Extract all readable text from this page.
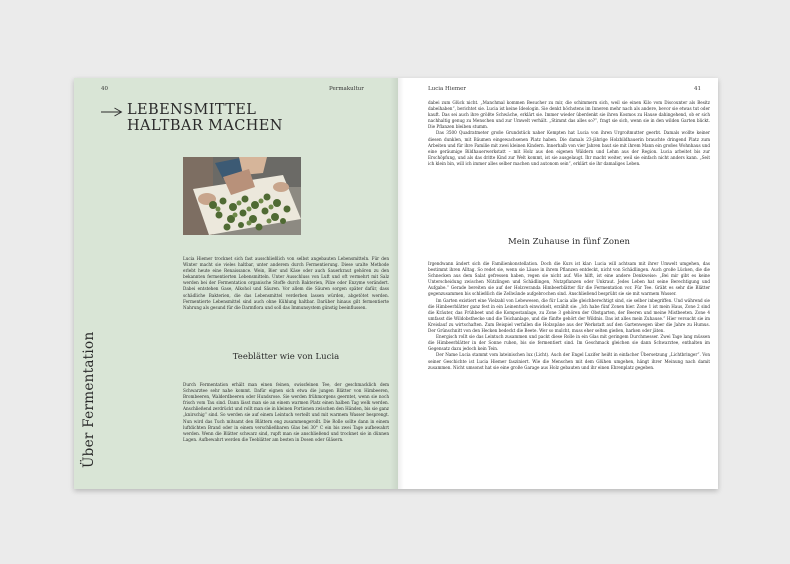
40	Permakultur
LEBENSMITTEL
HALTBAR MACHEN

Lucia Hiemer trocknet sich fast ausschließlich von selbst angebauten Lebensmitteln. Für den Winter macht sie vieles haltbar, unter anderem durch Fermentierung. Diese uralte Methode erlebt heute eine Renaissance. Wein, Bier und Käse oder auch Sauerkraut gehören zu den bekannten fermentierten Lebensmitteln. Unter Ausschluss von Luft und oft vermehrt mit Salz werden bei der Fermentation organische Stoffe durch Bakterien, Pilze oder Enzyme verändert. Dabei entstehen Gase, Alkohol und Säuren. Vor allem die Säuren sorgen später dafür, dass schädliche Bakterien, die das Lebensmittel verderben lassen würden, abgetötet werden. Fermentierte Lebensmittel sind auch ohne Kühlung haltbar. Darüber hinaus gilt fermentierte Nahrung als gesund für die Darmflora und soll das Immunsystem günstig beeinflussen.

Teeblätter wie von Lucia

Durch Fermentation erhält man einen feinen, swissfeinen Tee, der geschmacklich dem Schwarztee sehr nahe kommt. Dafür eignen sich etwa die jungen Blätter von Himbeeren, Brombeeren, Walderdbeeren oder Hundsrose. Sie werden frühmorgens geerntet, wenn sie noch frisch vom Tau sind. Dann lässt man sie an einem warmen Platz einen halben Tag welk werden. Anschließend zerdrückt und rollt man sie in kleinen Portionen zwischen den Händen, bis sie ganz „knirschig“ sind. So werden sie auf einem Leintuch verteilt und mit warmem Wasser besprengt. Nun wird das Tuch mitsamt den Blättern eng zusammengerollt. Die Rolle sollte dann in einem luftdichten Brand oder in einem verschließbaren Glas bei 30° C ein bis zwei Tage aufbewahrt werden. Wenn die Blätter schwarz sind, rupft man sie anschließend und trocknet sie in dünnen Lagen. Aufbewahrt werden die Teeblätter am besten in Dosen oder Gläsern.

Über Fermentation
Lucia Hiemer	41

dabei zum Glück nicht. „Manchmal kommen Besucher zu mir, die schimmern sich, weil sie einen Kilo vom Discounter als Besitz dabeihaben“, berichtet sie. Lucia ist keine Ideologin. Sie denkt höchstens im Inneren mehr nach als andere, bevor sie etwas tut oder kauft. Das sei auch ihre größte Schwäche, erklärt sie. Immer wieder überdenkt sie ihren Kosmos zu Hause dahingehend, ob er sich nachhaltig genug zu Menschen und zur Umwelt verhält. „Stimmt das alles so?“, fragt sie sich, wenn sie in den wilden Garten blickt. Die Pflanzen bleiben stumm.

Das 3500 Quadratmeter große Grundstück naher Kempten hat Lucia von ihren Urgroßmutter geerbt. Damals wollte keiner diesen dunklen, mit Bäumen eingewachsenen Platz haben. Die damals 23-jährige Holzbildhauerin brauchte dringend Platz zum Arbeiten und für ihre Familie mit zwei kleinen Kindern. Innerhalb von vier Jahren baut sie mit ihrem Mann ein großes Wohnhaus und eine geräumige Bildhauerwerkstatt – mit Holz aus den eigenen Wäldern und Lehm aus der Region. Lucia arbeitet bis zur Erschöpfung, und als das dritte Kind zur Welt kommt, ist sie ausgelaugt. Ihr macht weiter, weil sie einfach nicht anders kann. „Seit ich klein bin, will ich immer alles selber machen und autonom sein“, erklärt sie ihr damaliges Leben.

Mein Zuhause in fünf Zonen

Irgendwann ändert sich die Familienkonstellation. Doch die Kurs ist klar: Lucia will achtsam mit ihrer Umwelt umgehen, das bestimmt ihren Alltag. So redet sie, wenn sie Läuse in ihrem Pflanzen entdeckt, nicht von Schädlingen. Auch große Lücken, die die Schnecken aus dem Salat gefressen haben, regen sie nicht auf. Wie hilft, ist eine andere Denkweise: „Bei mir gibt es keine Unterscheidung zwischen Nützlingen und Schädlingen, Nutzpflanzen oder Unkraut. Jedes Leben hat seine Berechtigung und Aufgabe.“ Gerade bereiten sie auf der Holzveranda Himbeerblätter für die Fermentation vor. Für Tee. Gräbt es sehr die Blätter gegenzusammen bis schließlich die Zellwände aufgebrochen sind. Anschließend besprüht sie sie mit warmem Wasser.

Im Garten existiert eine Vielzahl von Lebewesen, die für Lucia alle gleichberechtigt sind, sie selber inbegriffen. Und während sie die Himbeerblätter ganz fest in ein Leinentuch einwickelt, erzählt sie: „Ich habe fünf Zonen hier. Zone 1 ist mein Haus, Zone 2 sind die Kräuter, das Frühbeet und die Kompostanlage, zu Zone 3 gehören der Obstgarten, der Beeren und meine Mistbeeten. Zone 4 umfasst die Wildobsthecke und die Teichanlage, und die fünfte gehört der Wildnis. Das ist alles mein Zuhause.“ Hier versucht sie im Kreislauf zu wirtschaften. Zum Beispiel verfallen die Holzspäne aus der Werkstatt auf den Gartenwegen über die Jahre zu Humus. Der Grünschnitt von den Hecken bedeckt die Beete. Wer so mulcht, muss eher selten gießen, harken oder jäten.

Energisch rollt sie das Leintuch zusammen und packt diese Rolle in ein Glas mit geringem Durchmesser. Zwei Tage lang müssen die Himbeerblätter in der Sonne ruhen, bis sie fermentiert sind. Im Geschmack gleichen sie dann Schwarztee, enthalten im Gegensatz dazu jedoch kein Tein.

Der Name Lucia stammt vom lateinischen lux (Licht). Auch der Engel Luzifer heißt in einfacher Übersetzung „Lichtbringer“. Von seiner Geschichte ist Lucia Hiemer fasziniert. Wie die Menschen mit dem Glühen umgehen, hängt ihrer Meinung nach damit zusammen. Nicht umsonst hat sie eine große Garage aus Holz gebauten und ihr einen Ehrenplatz gegeben.
